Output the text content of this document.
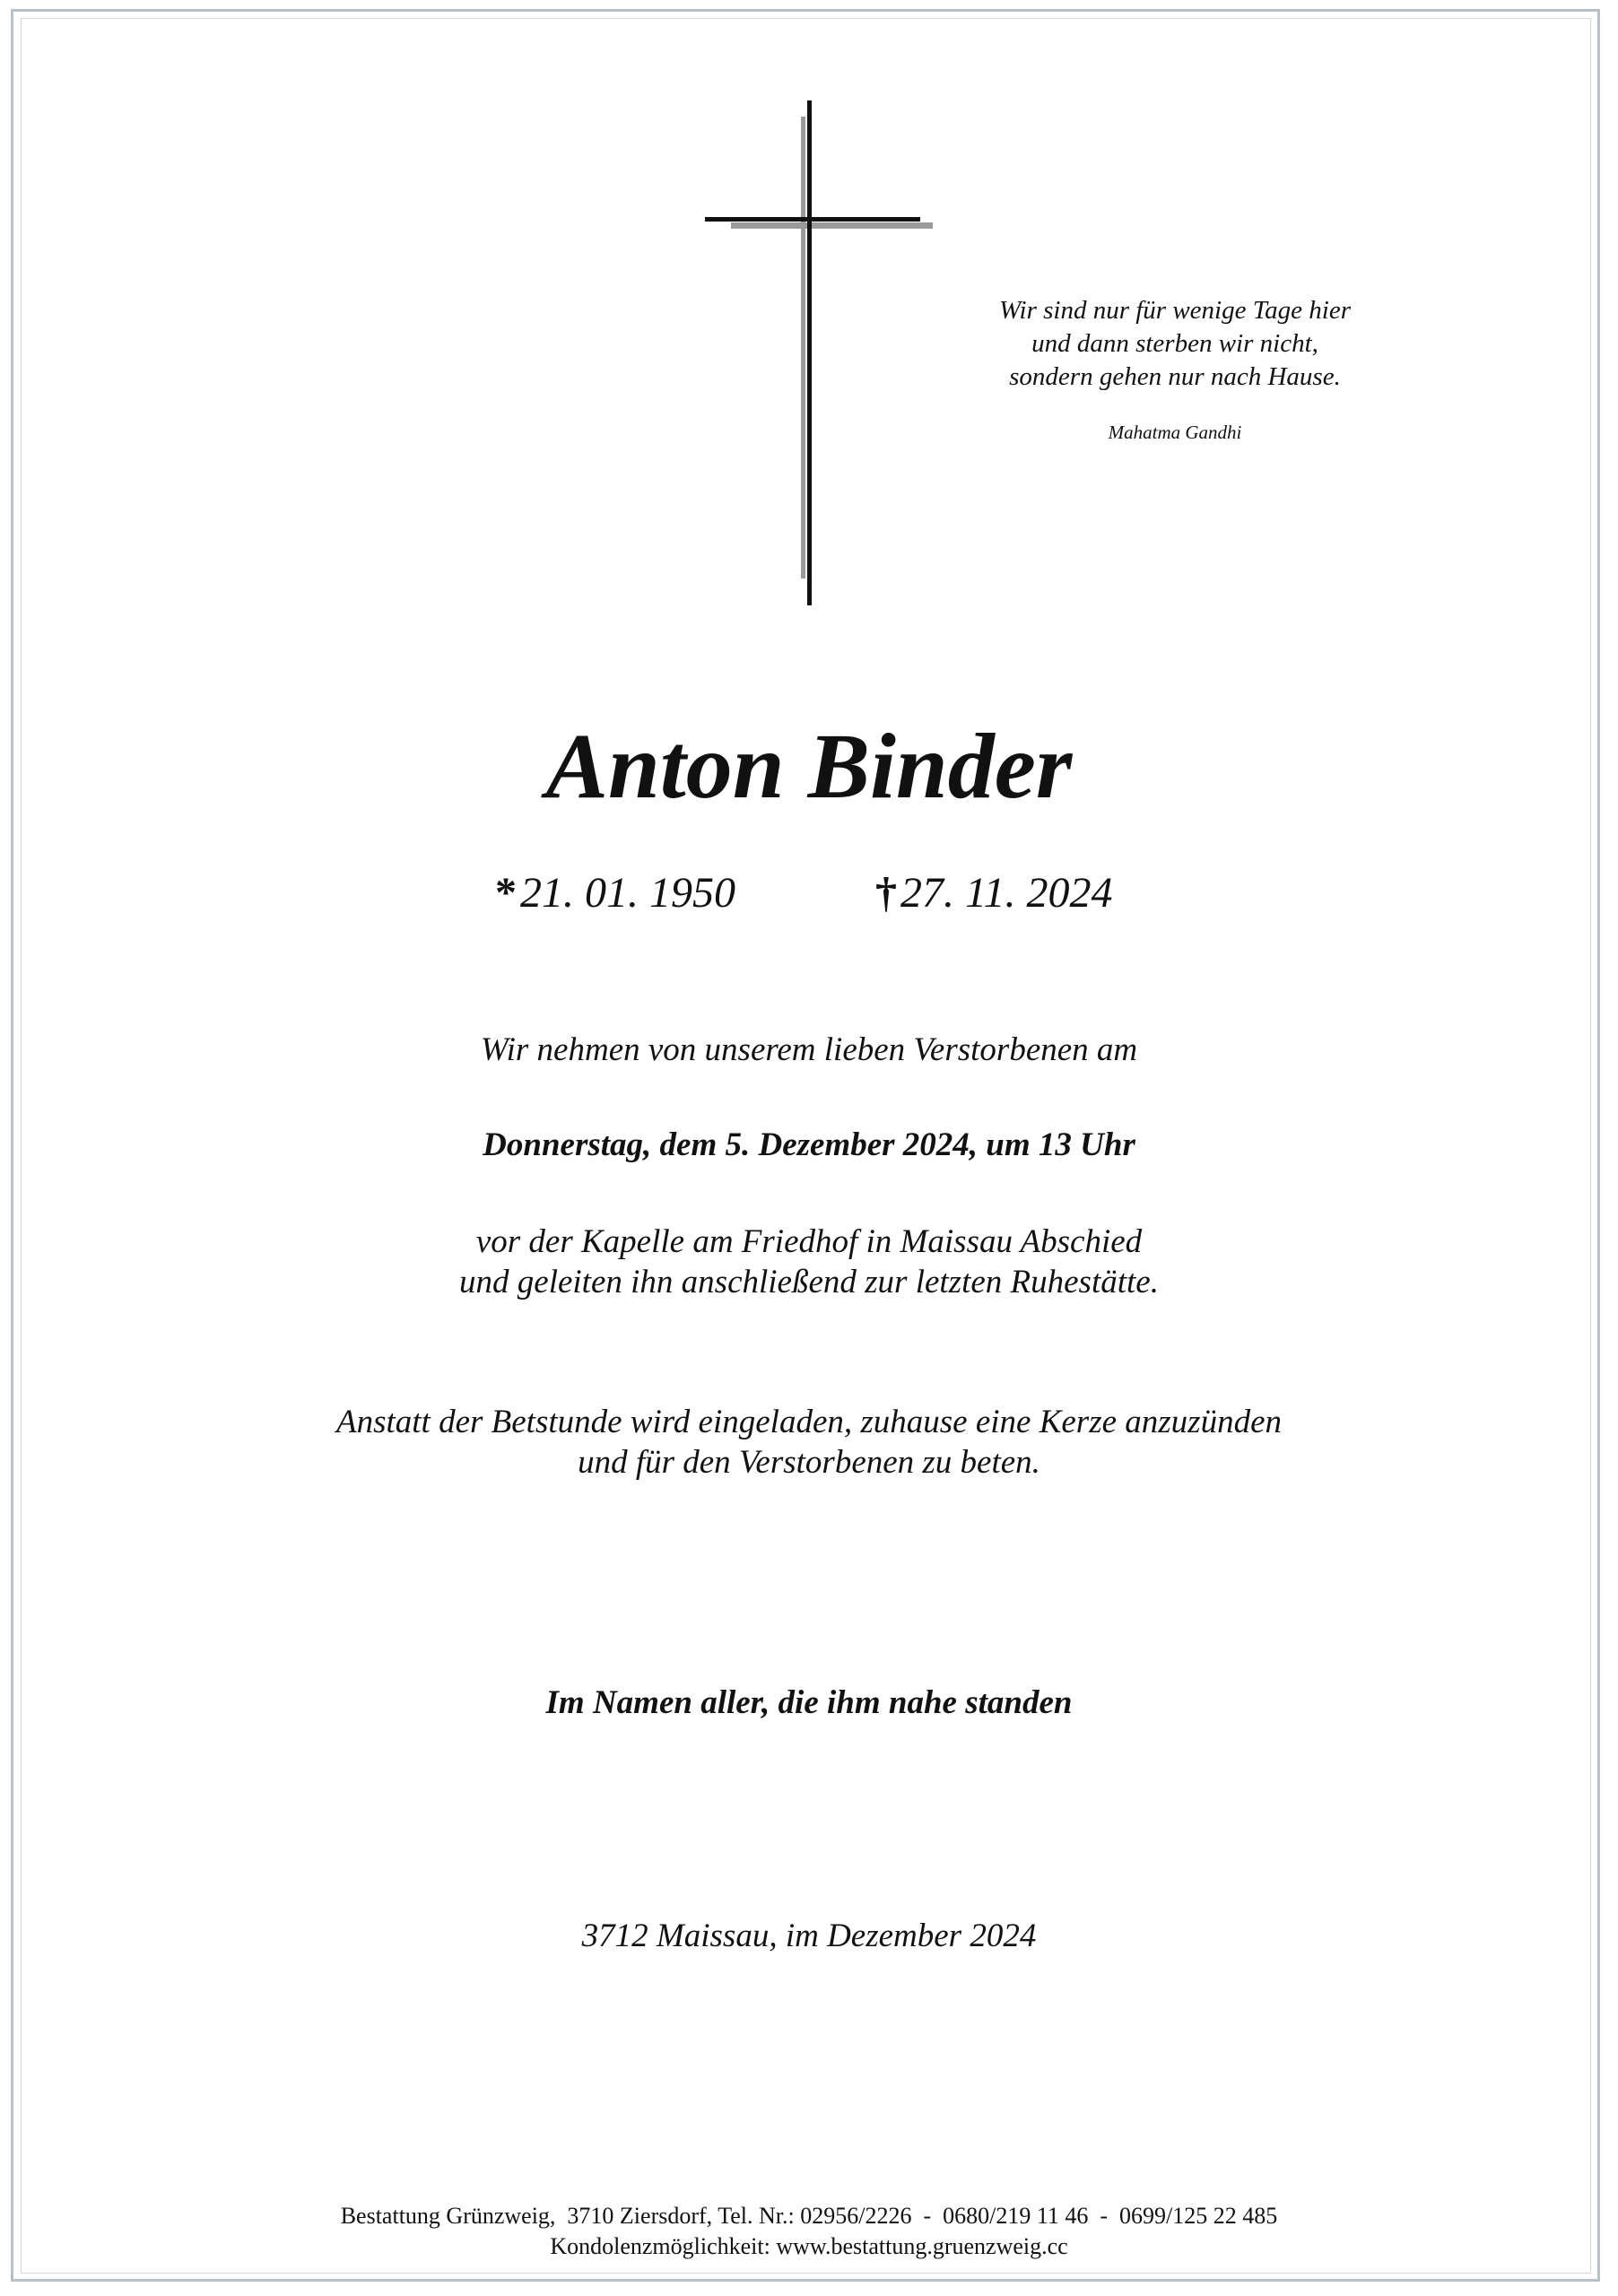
Wir sind nur für wenige Tage hier
und dann sterben wir nicht,
sondern gehen nur nach Hause.
Mahatma Gandhi
Anton Binder
*21. 01. 1950	†27. 11. 2024
Wir nehmen von unserem lieben Verstorbenen am
Donnerstag, dem 5. Dezember 2024, um 13 Uhr
vor der Kapelle am Friedhof in Maissau Abschied
und geleiten ihn anschließend zur letzten Ruhestätte.
Anstatt der Betstunde wird eingeladen, zuhause eine Kerze anzuzünden
und für den Verstorbenen zu beten.
Im Namen aller, die ihm nahe standen
3712 Maissau, im Dezember 2024
Bestattung Grünzweig,  3710 Ziersdorf, Tel. Nr.: 02956/2226  -  0680/219 11 46  -  0699/125 22 485
Kondolenzmöglichkeit: www.bestattung.gruenzweig.cc
